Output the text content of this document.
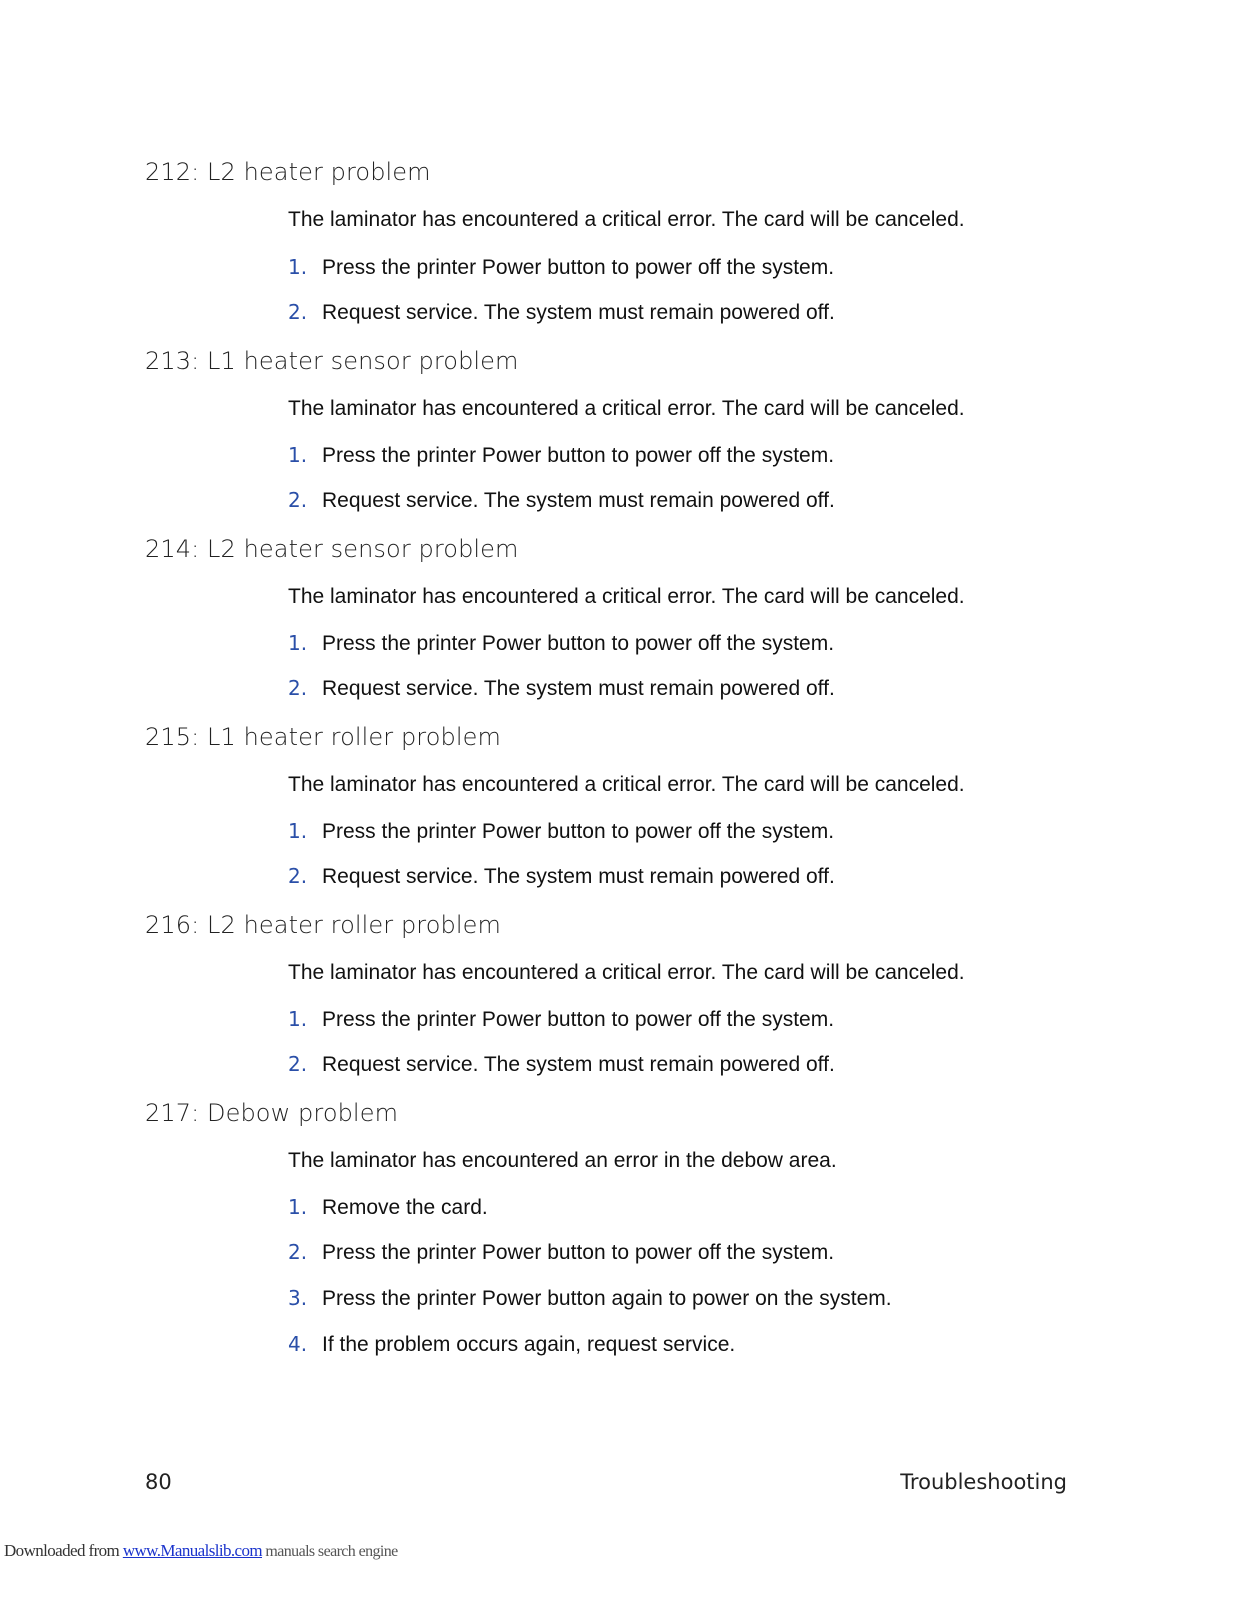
212: L2 heater problem
The laminator has encountered a critical error. The card will be canceled.
1. Press the printer Power button to power off the system.
2. Request service. The system must remain powered off.
213: L1 heater sensor problem
The laminator has encountered a critical error. The card will be canceled.
1. Press the printer Power button to power off the system.
2. Request service. The system must remain powered off.
214: L2 heater sensor problem
The laminator has encountered a critical error. The card will be canceled.
1. Press the printer Power button to power off the system.
2. Request service. The system must remain powered off.
215: L1 heater roller problem
The laminator has encountered a critical error. The card will be canceled.
1. Press the printer Power button to power off the system.
2. Request service. The system must remain powered off.
216: L2 heater roller problem
The laminator has encountered a critical error. The card will be canceled.
1. Press the printer Power button to power off the system.
2. Request service. The system must remain powered off.
217: Debow problem
The laminator has encountered an error in the debow area.
1. Remove the card.
2. Press the printer Power button to power off the system.
3. Press the printer Power button again to power on the system.
4. If the problem occurs again, request service.
80	Troubleshooting
Downloaded from www.Manualslib.com manuals search engine
